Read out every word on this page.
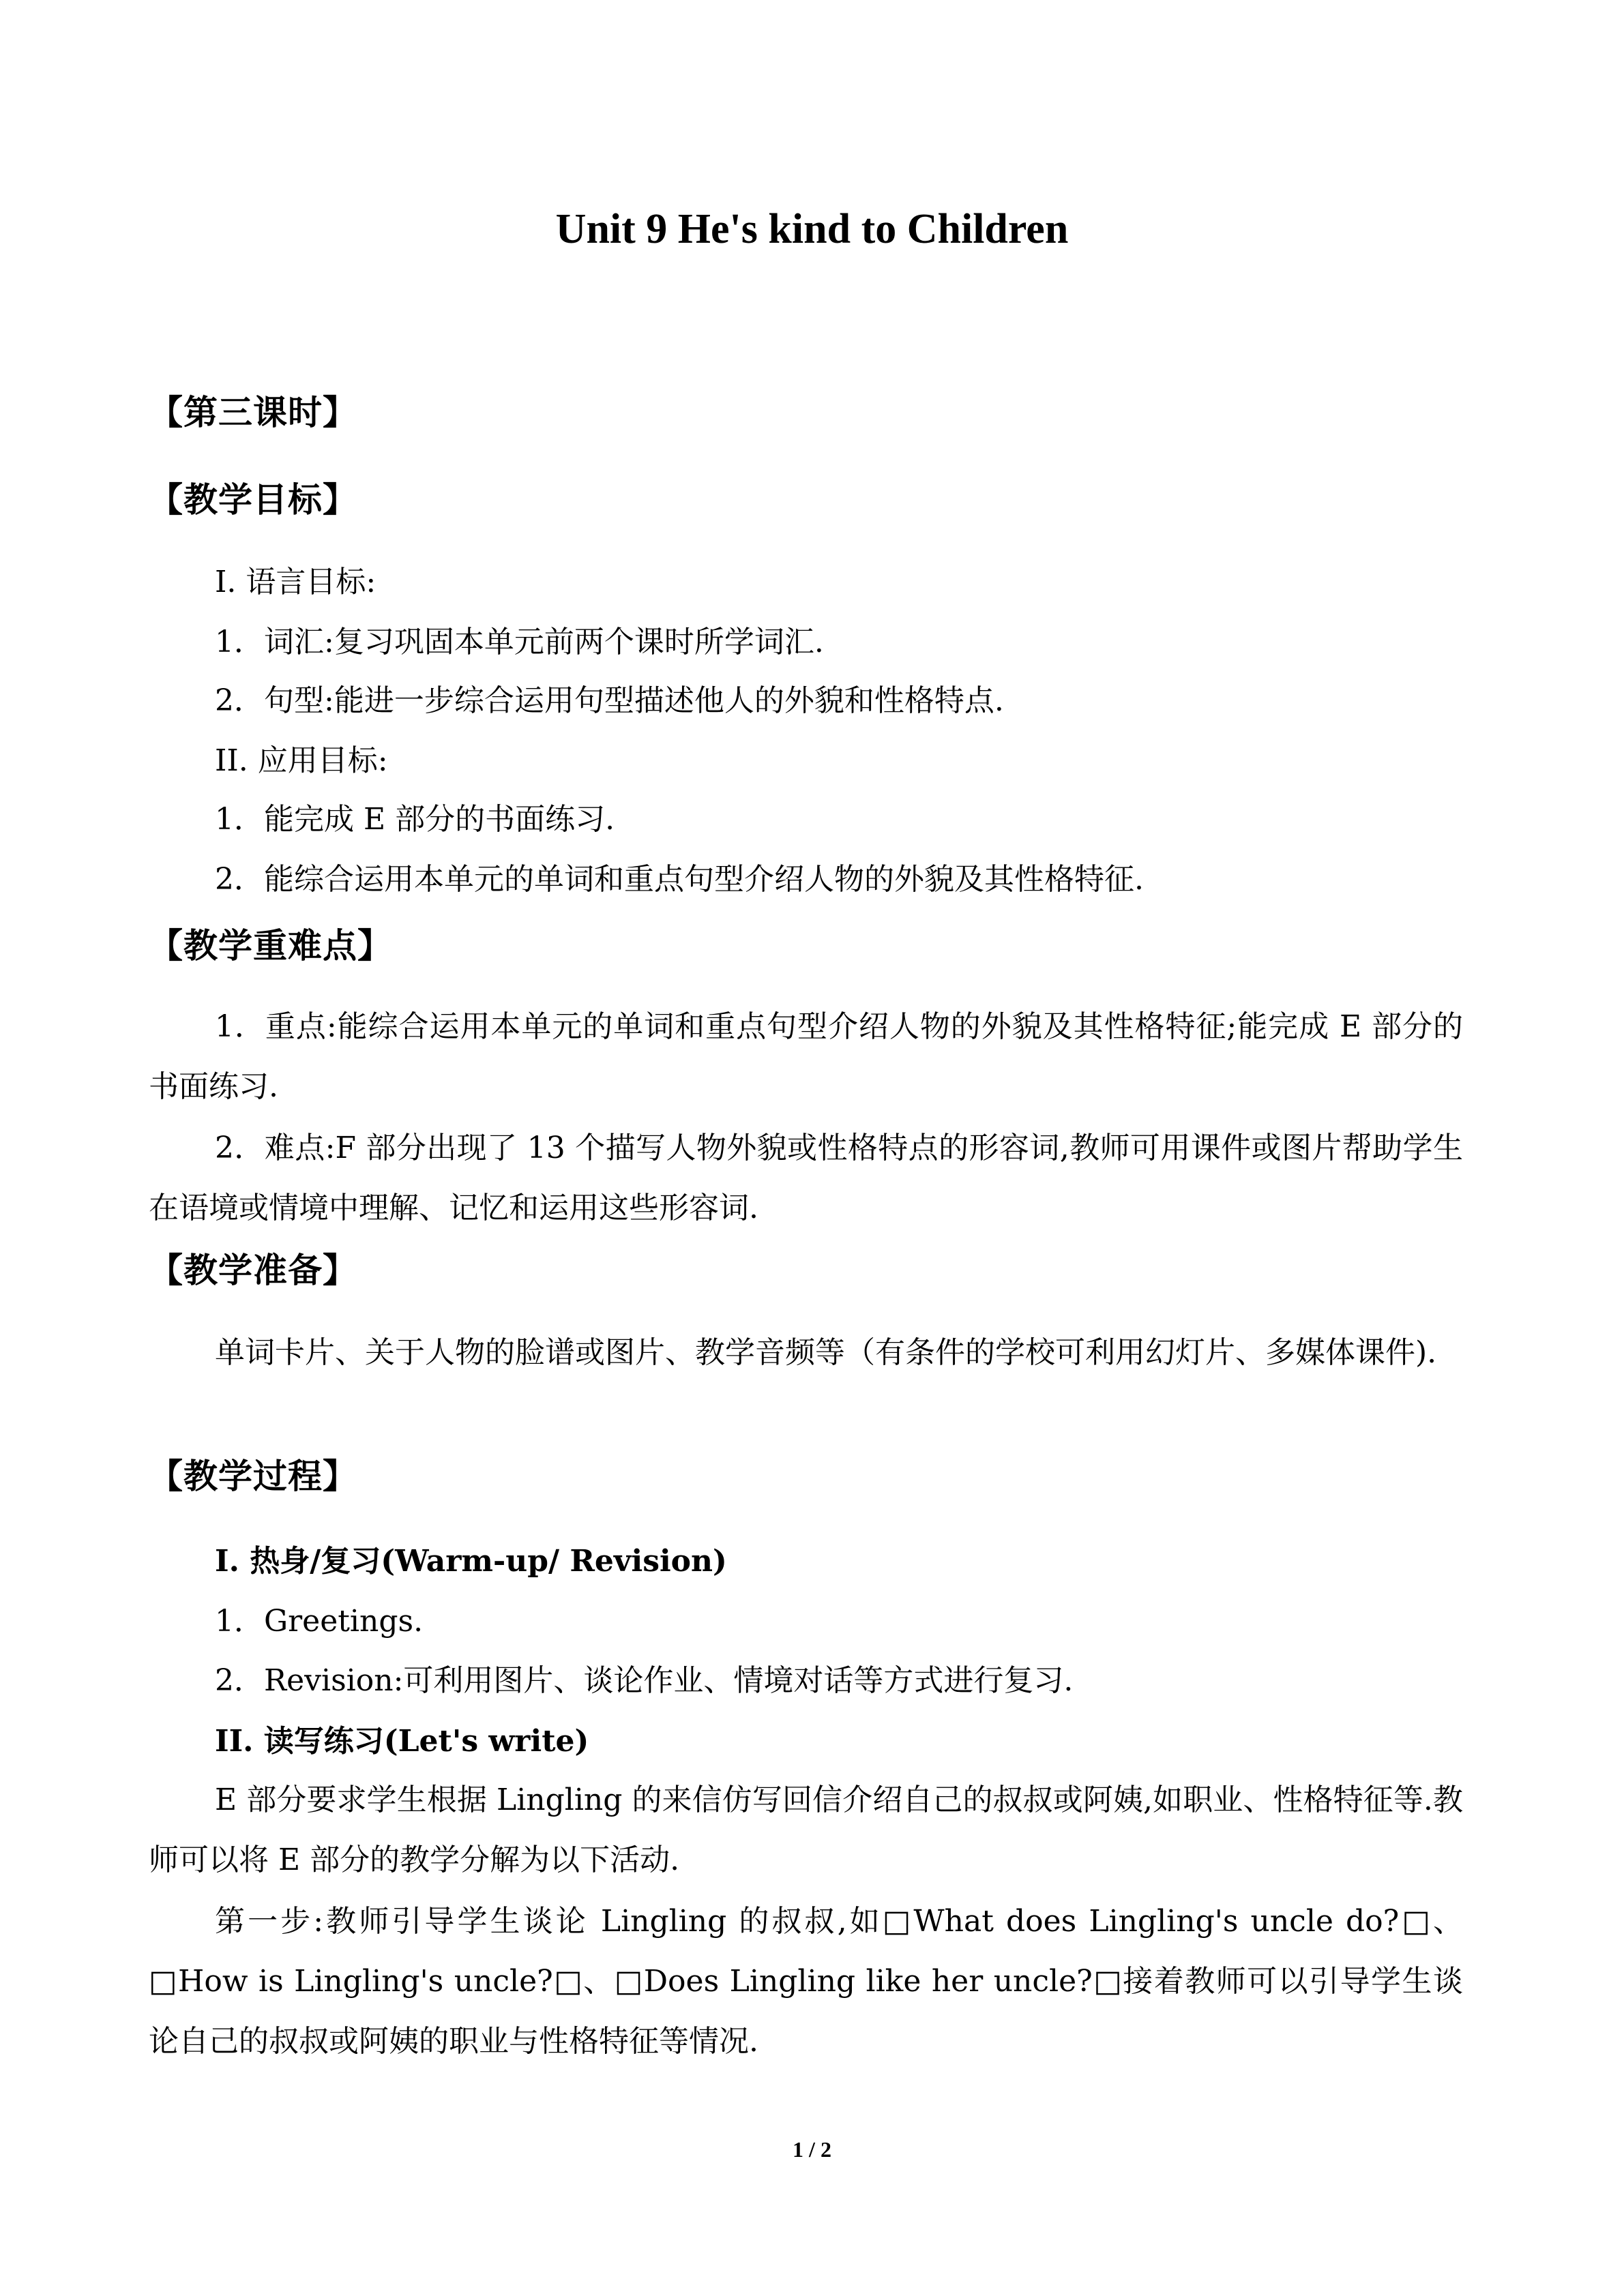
Unit 9 He's kind to Children
【第三课时】
【教学目标】
I. 语言目标:
1．词汇:复习巩固本单元前两个课时所学词汇.
2．句型:能进一步综合运用句型描述他人的外貌和性格特点.
II. 应用目标:
1．能完成 E 部分的书面练习.
2．能综合运用本单元的单词和重点句型介绍人物的外貌及其性格特征.
【教学重难点】
1．重点:能综合运用本单元的单词和重点句型介绍人物的外貌及其性格特征;能完成 E 部分的书面练习.
2．难点:F 部分出现了 13 个描写人物外貌或性格特点的形容词,教师可用课件或图片帮助学生在语境或情境中理解、记忆和运用这些形容词.
【教学准备】
单词卡片、关于人物的脸谱或图片、教学音频等（有条件的学校可利用幻灯片、多媒体课件).
【教学过程】
I. 热身/复习(Warm-up/ Revision)
1．Greetings.
2．Revision:可利用图片、谈论作业、情境对话等方式进行复习.
II. 读写练习(Let's write)
E 部分要求学生根据 Lingling 的来信仿写回信介绍自己的叔叔或阿姨,如职业、性格特征等.教师可以将 E 部分的教学分解为以下活动.
第一步:教师引导学生谈论 Lingling 的叔叔,如□What does Lingling's uncle do?□、□How is Lingling's uncle?□、□Does Lingling like her uncle?□接着教师可以引导学生谈论自己的叔叔或阿姨的职业与性格特征等情况.
1 / 2
